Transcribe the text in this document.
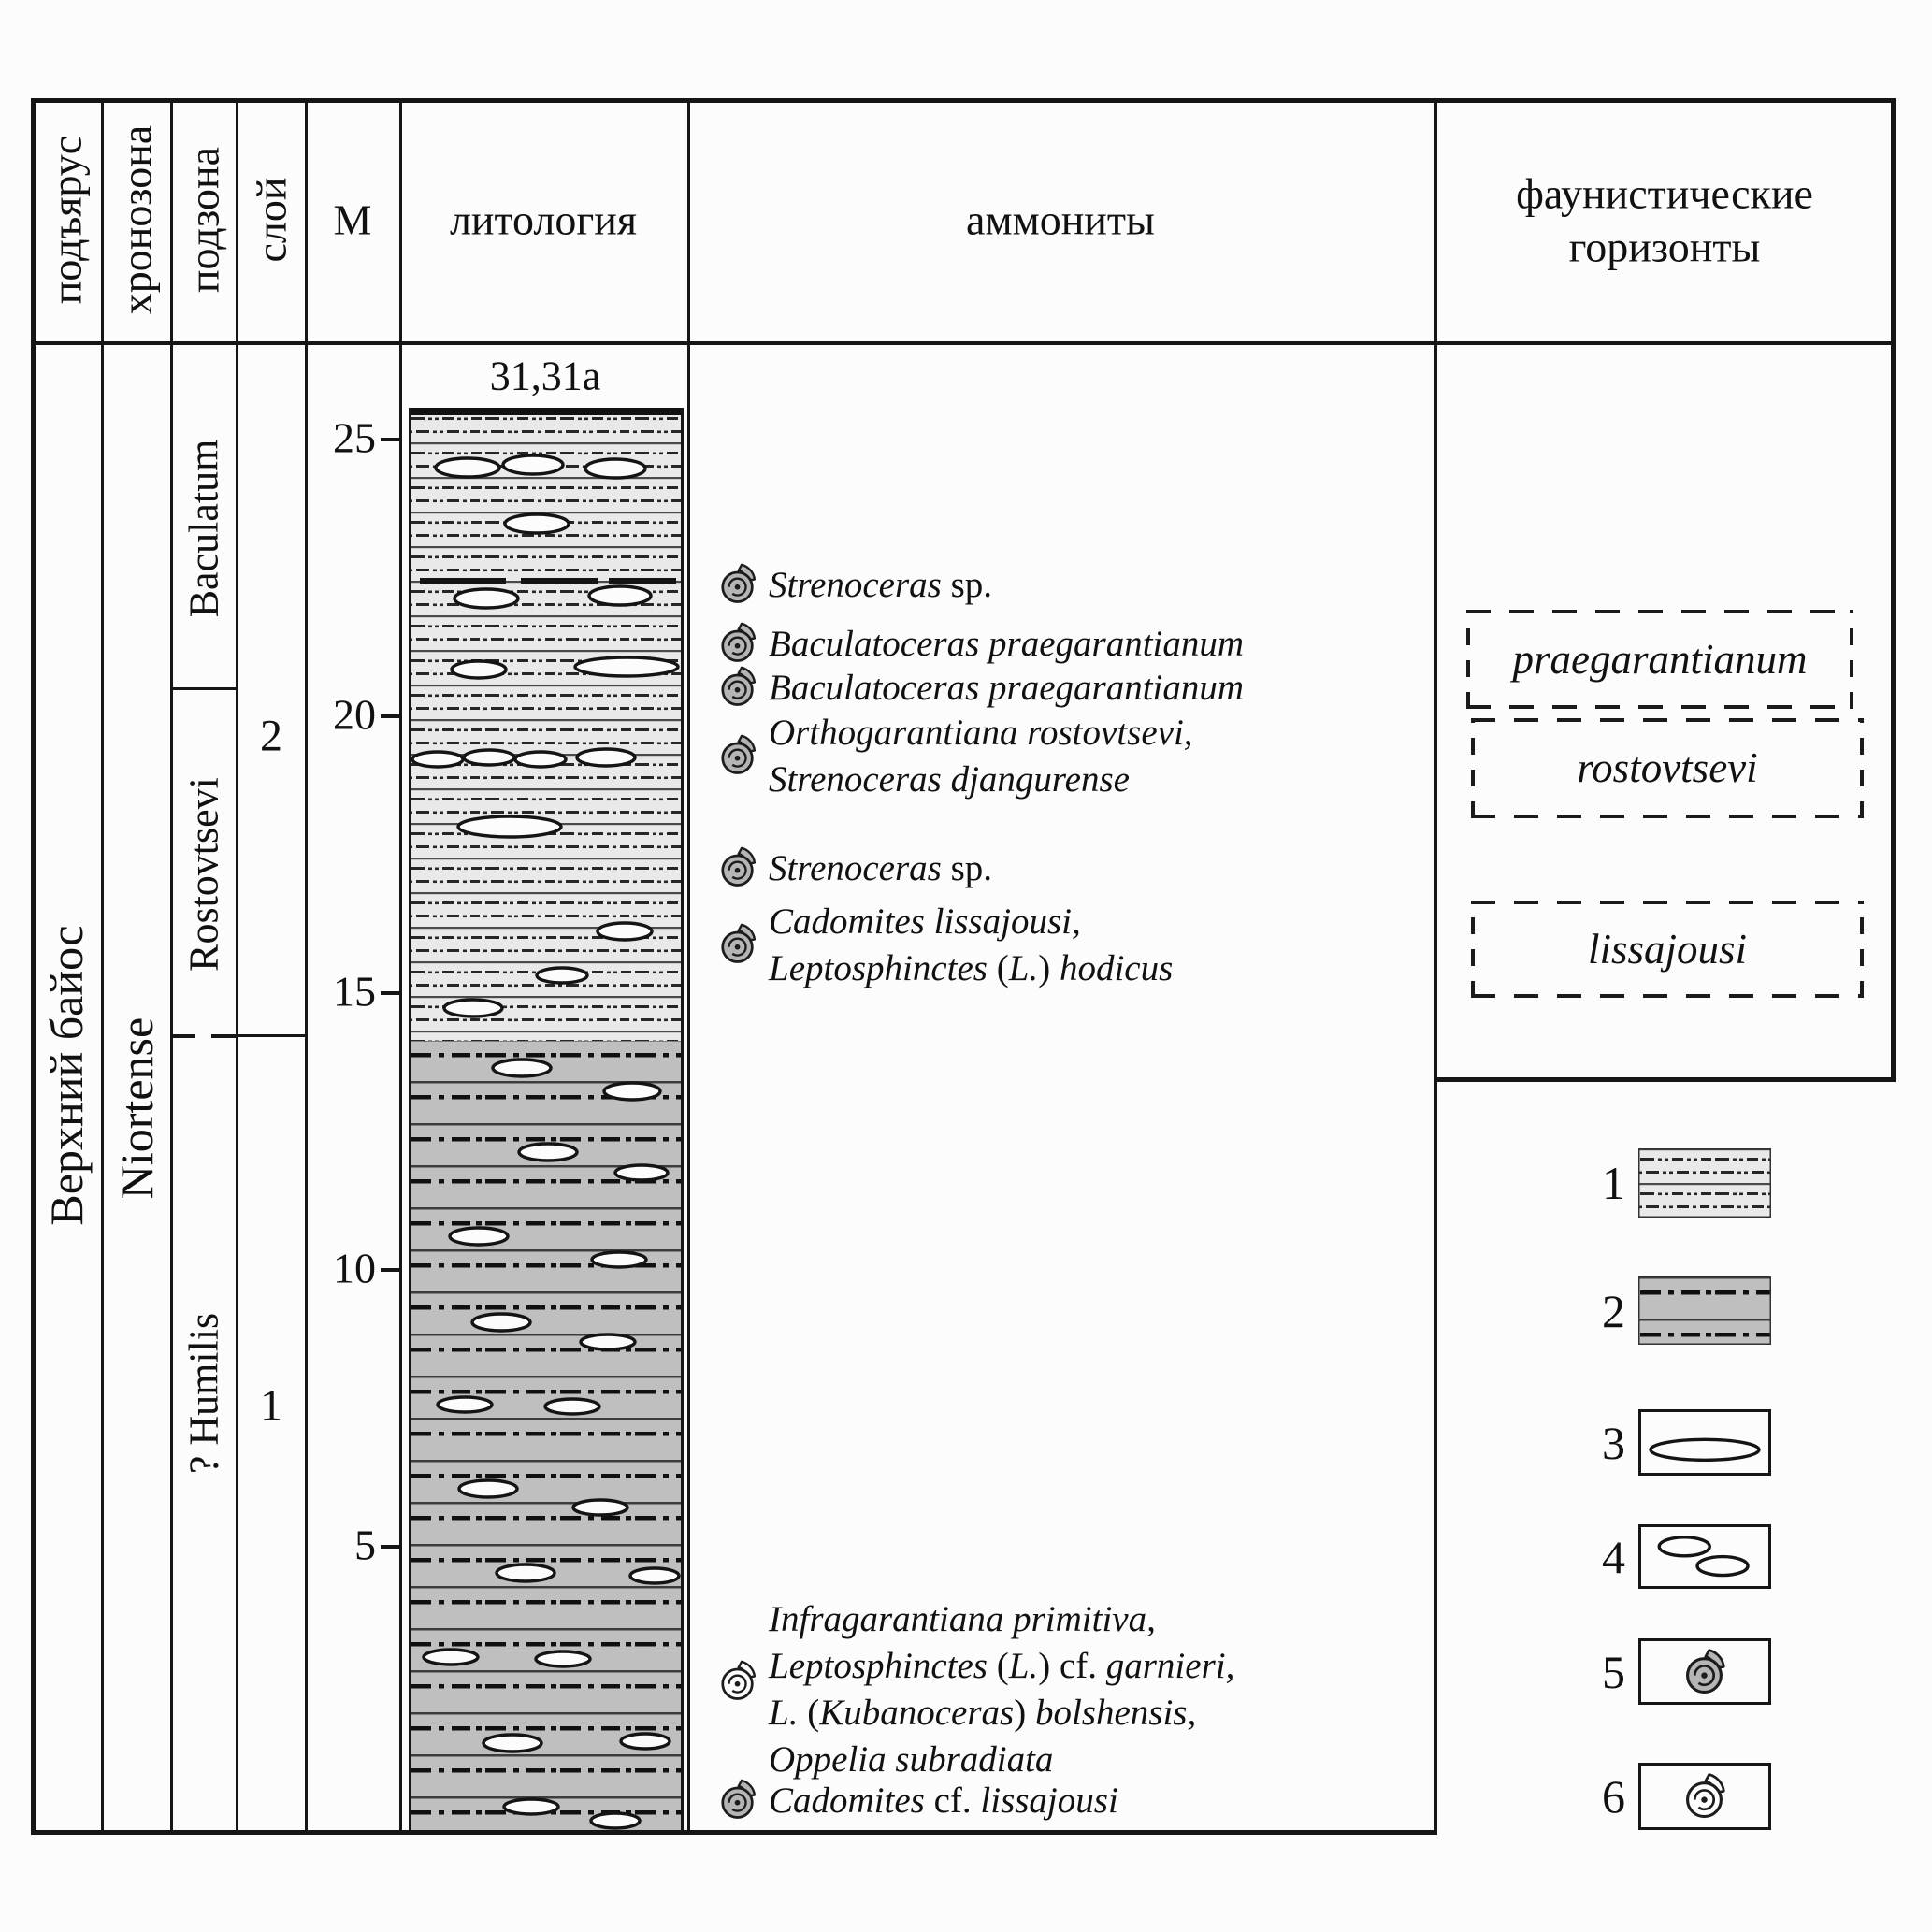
подъярус хронозона подзона слой М литология	аммониты
фаунистические
горизонты
Верхний байос Niortense
Baculatum
Rostovtsevi
? Humilis
2
1
31,31a
25
20
15
10
5
Strenoceras sp.
Baculatoceras praegarantianum
Baculatoceras praegarantianum
Orthogarantiana rostovtsevi,
Strenoceras djangurense
Strenoceras sp.
Cadomites lissajousi,
Leptosphinctes (L.) hodicus
Infragarantiana primitiva,
Leptosphinctes (L.) cf. garnieri,
L. (Kubanoceras) bolshensis,
Oppelia subradiata
Cadomites cf. lissajousi
praegarantianum
rostovtsevi
lissajousi
1
2
3
4
5
6
